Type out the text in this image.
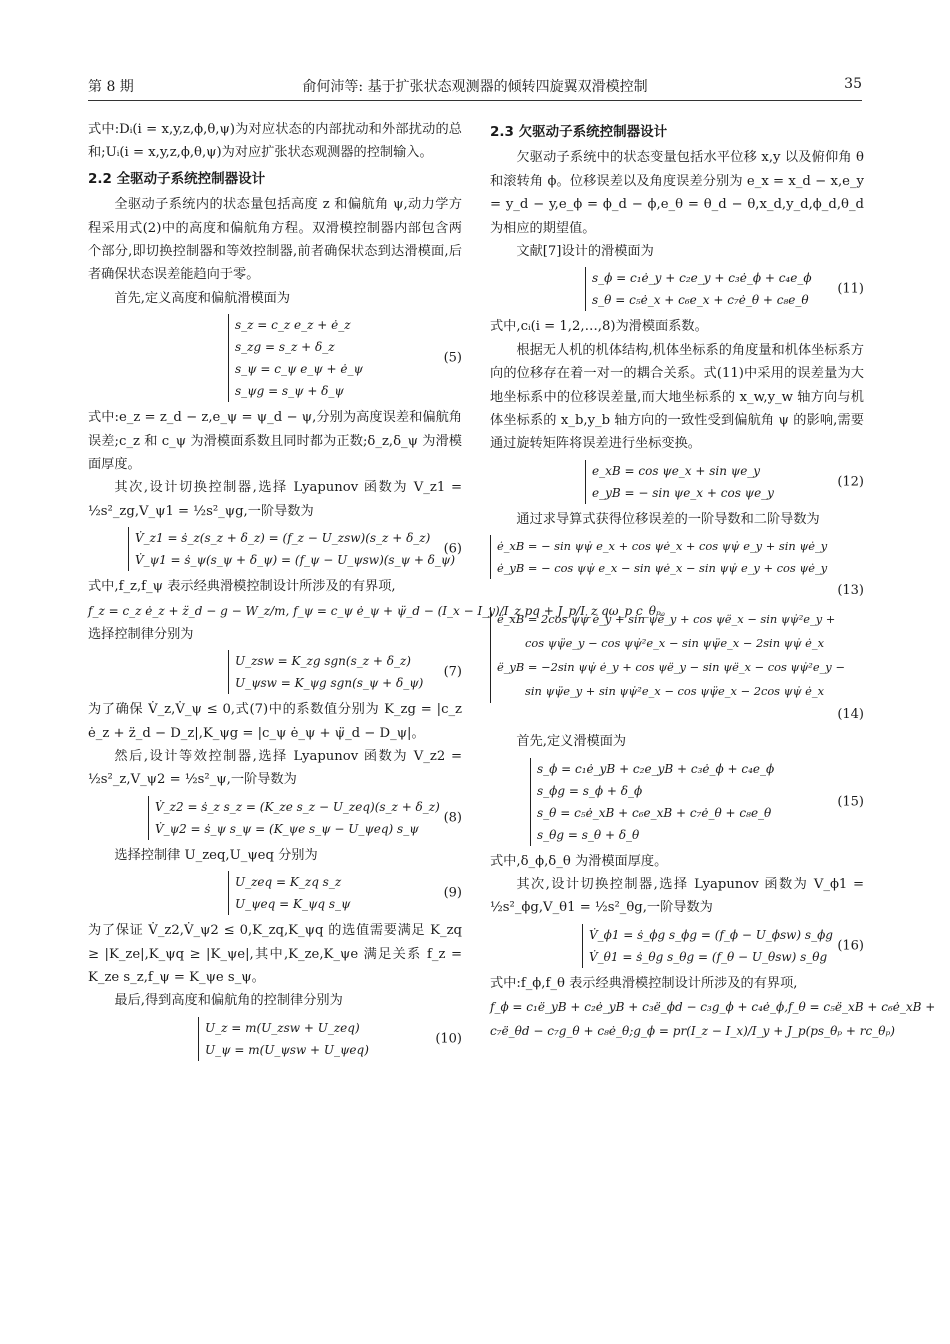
第 8 期	俞何沛等: 基于扩张状态观测器的倾转四旋翼双滑模控制	35

式中:Dᵢ(i = x,y,z,ϕ,θ,ψ)为对应状态的内部扰动和外部扰动的总和;Uᵢ(i = x,y,z,ϕ,θ,ψ)为对应扩张状态观测器的控制输入。

2.2 全驱动子系统控制器设计

全驱动子系统内的状态量包括高度 z 和偏航角 ψ,动力学方程采用式(2)中的高度和偏航角方程。双滑模控制器内部包含两个部分,即切换控制器和等效控制器,前者确保状态到达滑模面,后者确保状态误差能趋向于零。

首先,定义高度和偏航滑模面为

s_z = c_z e_z + ė_z
s_zg = s_z + δ_z
s_ψ = c_ψ e_ψ + ė_ψ
s_ψg = s_ψ + δ_ψ
(5)

式中:e_z = z_d − z,e_ψ = ψ_d − ψ,分别为高度误差和偏航角误差;c_z 和 c_ψ 为滑模面系数且同时都为正数;δ_z,δ_ψ 为滑模面厚度。

其次,设计切换控制器,选择 Lyapunov 函数为 V_z1 = ½s²_zg,V_ψ1 = ½s²_ψg,一阶导数为

V̇_z1 = ṡ_z(s_z + δ_z) = (f_z − U_zsw)(s_z + δ_z)
V̇_ψ1 = ṡ_ψ(s_ψ + δ_ψ) = (f_ψ − U_ψsw)(s_ψ + δ_ψ)
(6)

式中,f_z,f_ψ 表示经典滑模控制设计所涉及的有界项,

f_z = c_z ė_z + z̈_d − g − W_z/m, f_ψ = c_ψ ė_ψ + ψ̈_d − (I_x − I_y)/I_z pq + J_p/I_z qω_p c_θₚ。

选择控制律分别为

U_zsw = K_zg sgn(s_z + δ_z)
U_ψsw = K_ψg sgn(s_ψ + δ_ψ)
(7)

为了确保 V̇_z,V̇_ψ ≤ 0,式(7)中的系数值分别为 K_zg = |c_z ė_z + z̈_d − D_z|,K_ψg = |c_ψ ė_ψ + ψ̈_d − D_ψ|。

然后,设计等效控制器,选择 Lyapunov 函数为 V_z2 = ½s²_z,V_ψ2 = ½s²_ψ,一阶导数为

V̇_z2 = ṡ_z s_z = (K_ze s_z − U_zeq)(s_z + δ_z)
V̇_ψ2 = ṡ_ψ s_ψ = (K_ψe s_ψ − U_ψeq) s_ψ
(8)

选择控制律 U_zeq,U_ψeq 分别为

U_zeq = K_zq s_z
U_ψeq = K_ψq s_ψ
(9)

为了保证 V̇_z2,V̇_ψ2 ≤ 0,K_zq,K_ψq 的选值需要满足 K_zq ≥ |K_ze|,K_ψq ≥ |K_ψe|,其中,K_ze,K_ψe 满足关系 f_z = K_ze s_z,f_ψ = K_ψe s_ψ。

最后,得到高度和偏航角的控制律分别为

U_z = m(U_zsw + U_zeq)
U_ψ = m(U_ψsw + U_ψeq)
(10)
2.3 欠驱动子系统控制器设计

欠驱动子系统中的状态变量包括水平位移 x,y 以及俯仰角 θ 和滚转角 ϕ。位移误差以及角度误差分别为 e_x = x_d − x,e_y = y_d − y,e_ϕ = ϕ_d − ϕ,e_θ = θ_d − θ,x_d,y_d,ϕ_d,θ_d 为相应的期望值。

文献[7]设计的滑模面为

s_ϕ = c₁ė_y + c₂e_y + c₃ė_ϕ + c₄e_ϕ
s_θ = c₅ė_x + c₆e_x + c₇ė_θ + c₈e_θ
(11)

式中,cᵢ(i = 1,2,…,8)为滑模面系数。

根据无人机的机体结构,机体坐标系的角度量和机体坐标系方向的位移存在着一对一的耦合关系。式(11)中采用的误差量为大地坐标系中的位移误差量,而大地坐标系的 x_w,y_w 轴方向与机体坐标系的 x_b,y_b 轴方向的一致性受到偏航角 ψ 的影响,需要通过旋转矩阵将误差进行坐标变换。

e_xB = cos ψe_x + sin ψe_y
e_yB = − sin ψe_x + cos ψe_y
(12)

通过求导算式获得位移误差的一阶导数和二阶导数为

ė_xB = − sin ψψ̇ e_x + cos ψė_x + cos ψψ̇ e_y + sin ψė_y
ė_yB = − cos ψψ̇ e_x − sin ψė_x − sin ψψ̇ e_y + cos ψė_y
(13)
ë_xB = 2cos ψψ̇ ė_y + sin ψë_y + cos ψë_x − sin ψψ̇²e_y +
cos ψψ̈e_y − cos ψψ̇²e_x − sin ψψ̈e_x − 2sin ψψ̇ ė_x
ë_yB = −2sin ψψ̇ ė_y + cos ψë_y − sin ψë_x − cos ψψ̇²e_y −
sin ψψ̈e_y + sin ψψ̇²e_x − cos ψψ̈e_x − 2cos ψψ̇ ė_x
(14)

首先,定义滑模面为

s_ϕ = c₁ė_yB + c₂e_yB + c₃ė_ϕ + c₄e_ϕ
s_ϕg = s_ϕ + δ_ϕ
s_θ = c₅ė_xB + c₆e_xB + c₇ė_θ + c₈e_θ
s_θg = s_θ + δ_θ
(15)

式中,δ_ϕ,δ_θ 为滑模面厚度。

其次,设计切换控制器,选择 Lyapunov 函数为 V_ϕ1 = ½s²_ϕg,V_θ1 = ½s²_θg,一阶导数为

V̇_ϕ1 = ṡ_ϕg s_ϕg = (f_ϕ − U_ϕsw) s_ϕg
V̇_θ1 = ṡ_θg s_θg = (f_θ − U_θsw) s_θg
(16)

式中:f_ϕ,f_θ 表示经典滑模控制设计所涉及的有界项,

f_ϕ = c₁ë_yB + c₂ė_yB + c₃ë_ϕd − c₃g_ϕ + c₄ė_ϕ,f_θ = c₅ë_xB + c₆ė_xB +
c₇ë_θd − c₇g_θ + c₈ė_θ;g_ϕ = pr(I_z − I_x)/I_y + J_p(ps_θₚ + rc_θₚ)
